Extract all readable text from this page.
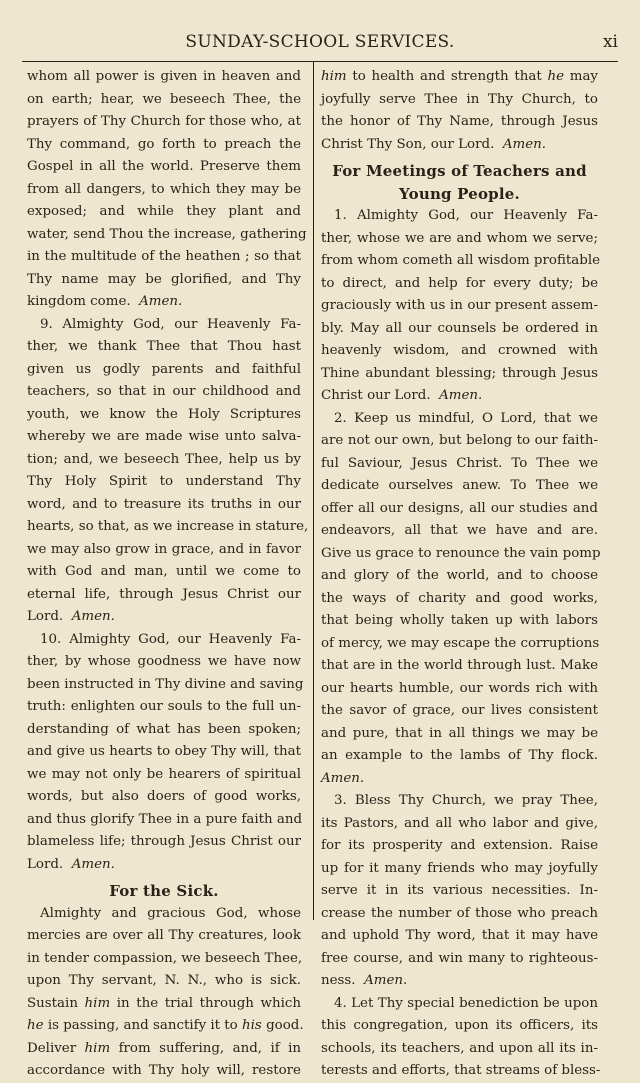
SUNDAY-SCHOOL SERVICES.	xi

whom all power is given in heaven and

on earth; hear, we beseech Thee, the

prayers of Thy Church for those who, at

Thy command, go forth to preach the

Gospel in all the world. Preserve them

from all dangers, to which they may be

exposed; and while they plant and

water, send Thou the increase, gathering

in the multitude of the heathen ; so that

Thy name may be glorified, and Thy

kingdom come. Amen.

9. Almighty God, our Heavenly Fa-

ther, we thank Thee that Thou hast

given us godly parents and faithful

teachers, so that in our childhood and

youth, we know the Holy Scriptures

whereby we are made wise unto salva-

tion; and, we beseech Thee, help us by

Thy Holy Spirit to understand Thy

word, and to treasure its truths in our

hearts, so that, as we increase in stature,

we may also grow in grace, and in favor

with God and man, until we come to

eternal life, through Jesus Christ our

Lord. Amen.

10. Almighty God, our Heavenly Fa-

ther, by whose goodness we have now

been instructed in Thy divine and saving

truth: enlighten our souls to the full un-

derstanding of what has been spoken;

and give us hearts to obey Thy will, that

we may not only be hearers of spiritual

words, but also doers of good works,

and thus glorify Thee in a pure faith and

blameless life; through Jesus Christ our

Lord. Amen.

For the Sick.

Almighty and gracious God, whose

mercies are over all Thy creatures, look

in tender compassion, we beseech Thee,

upon Thy servant, N. N., who is sick.

Sustain him in the trial through which

he is passing, and sanctify it to his good.

Deliver him from suffering, and, if in

accordance with Thy holy will, restore

him to health and strength that he may

joyfully serve Thee in Thy Church, to

the honor of Thy Name, through Jesus

Christ Thy Son, our Lord. Amen.

For Meetings of Teachers and

Young People.

1. Almighty God, our Heavenly Fa-

ther, whose we are and whom we serve;

from whom cometh all wisdom profitable

to direct, and help for every duty; be

graciously with us in our present assem-

bly. May all our counsels be ordered in

heavenly wisdom, and crowned with

Thine abundant blessing; through Jesus

Christ our Lord. Amen.

2. Keep us mindful, O Lord, that we

are not our own, but belong to our faith-

ful Saviour, Jesus Christ. To Thee we

dedicate ourselves anew. To Thee we

offer all our designs, all our studies and

endeavors, all that we have and are.

Give us grace to renounce the vain pomp

and glory of the world, and to choose

the ways of charity and good works,

that being wholly taken up with labors

of mercy, we may escape the corruptions

that are in the world through lust. Make

our hearts humble, our words rich with

the savor of grace, our lives consistent

and pure, that in all things we may be

an example to the lambs of Thy flock.

Amen.

3. Bless Thy Church, we pray Thee,

its Pastors, and all who labor and give,

for its prosperity and extension. Raise

up for it many friends who may joyfully

serve it in its various necessities. In-

crease the number of those who preach

and uphold Thy word, that it may have

free course, and win many to righteous-

ness. Amen.

4. Let Thy special benediction be upon

this congregation, upon its officers, its

schools, its teachers, and upon all its in-

terests and efforts, that streams of bless-
